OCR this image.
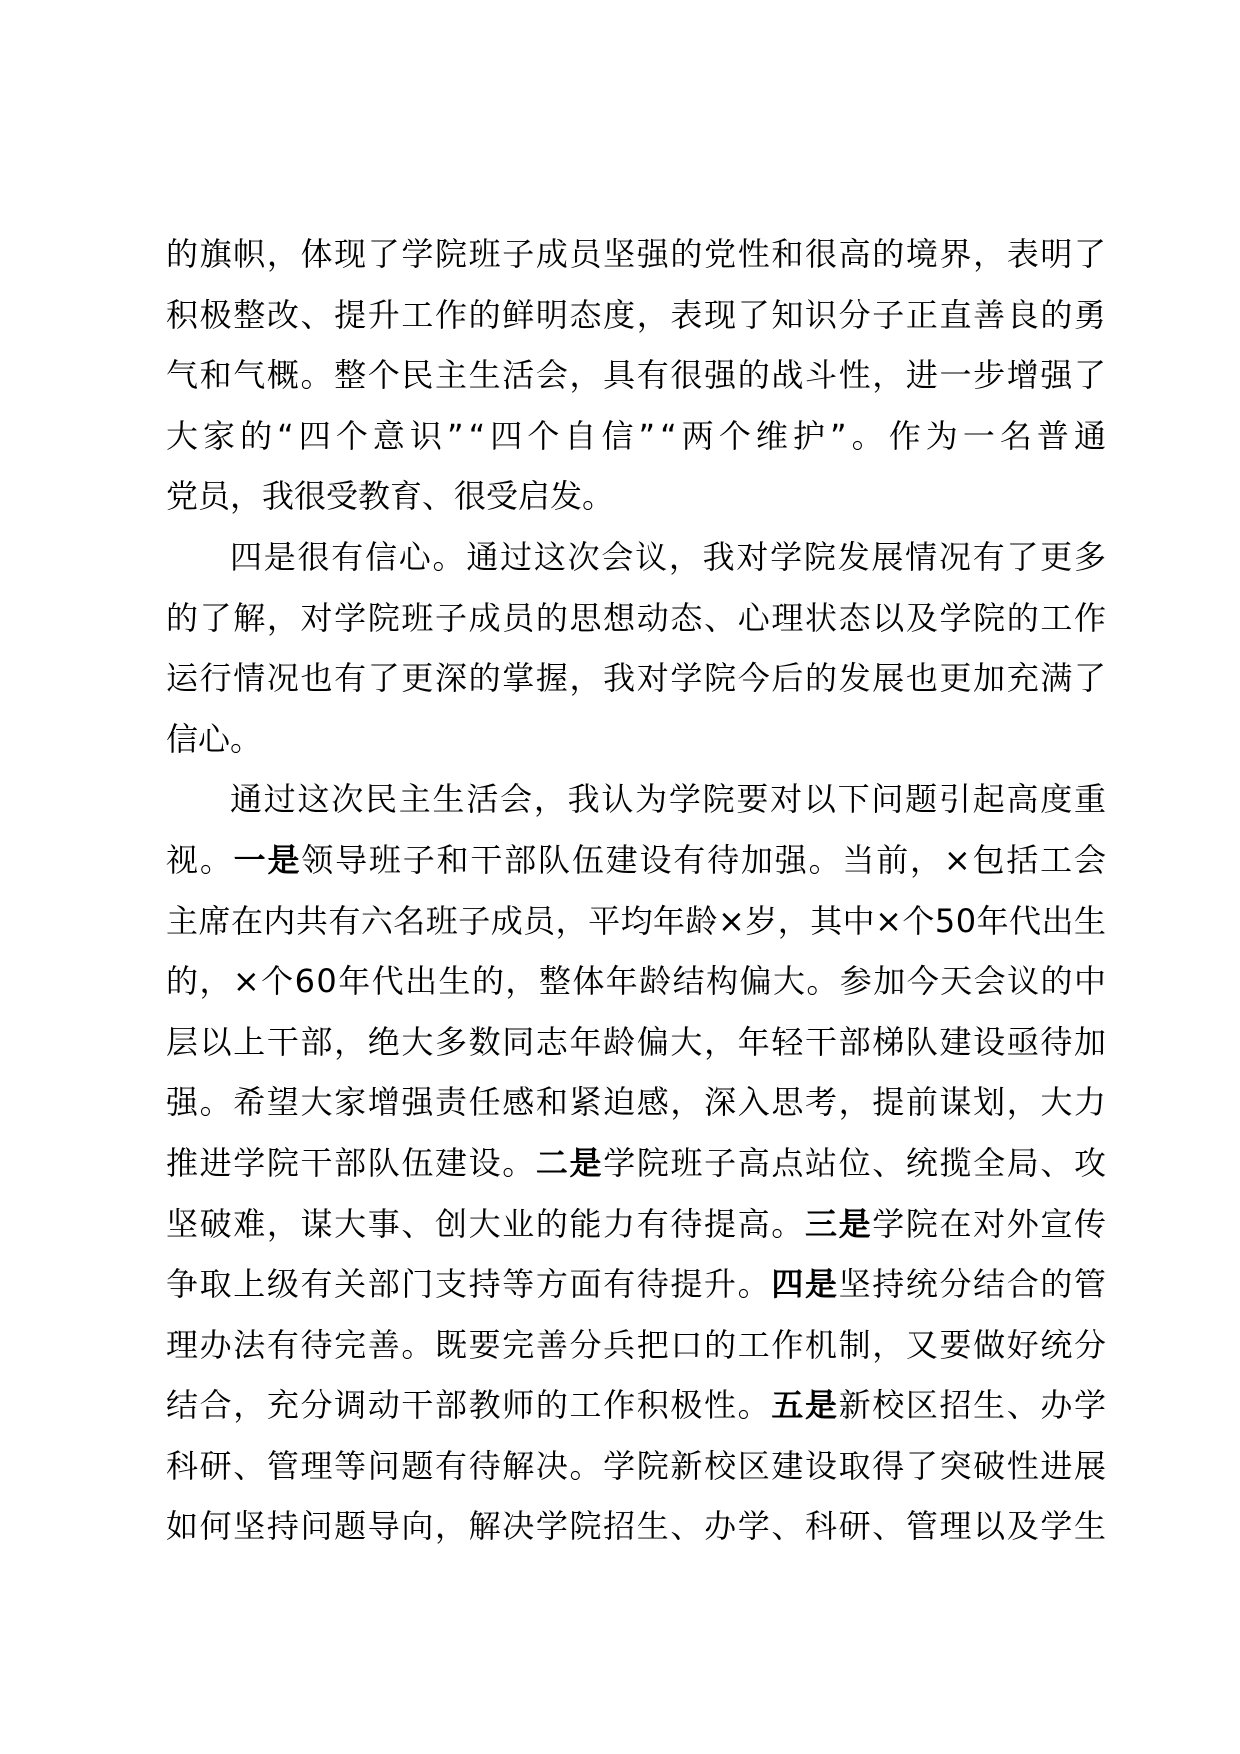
的旗帜，体现了学院班子成员坚强的党性和很高的境界，表明了
积极整改、提升工作的鲜明态度，表现了知识分子正直善良的勇
气和气概。整个民主生活会，具有很强的战斗性，进一步增强了
大家的“四个意识”“四个自信”“两个维护”。作为一名普通
党员，我很受教育、很受启发。
四是很有信心。通过这次会议，我对学院发展情况有了更多
的了解，对学院班子成员的思想动态、心理状态以及学院的工作
运行情况也有了更深的掌握，我对学院今后的发展也更加充满了
信心。
通过这次民主生活会，我认为学院要对以下问题引起高度重
视。一是领导班子和干部队伍建设有待加强。当前，×包括工会
主席在内共有六名班子成员，平均年龄×岁，其中×个50年代出生
的，×个60年代出生的，整体年龄结构偏大。参加今天会议的中
层以上干部，绝大多数同志年龄偏大，年轻干部梯队建设亟待加
强。希望大家增强责任感和紧迫感，深入思考，提前谋划，大力
推进学院干部队伍建设。二是学院班子高点站位、统揽全局、攻
坚破难，谋大事、创大业的能力有待提高。三是学院在对外宣传
争取上级有关部门支持等方面有待提升。四是坚持统分结合的管
理办法有待完善。既要完善分兵把口的工作机制，又要做好统分
结合，充分调动干部教师的工作积极性。五是新校区招生、办学
科研、管理等问题有待解决。学院新校区建设取得了突破性进展
如何坚持问题导向，解决学院招生、办学、科研、管理以及学生
